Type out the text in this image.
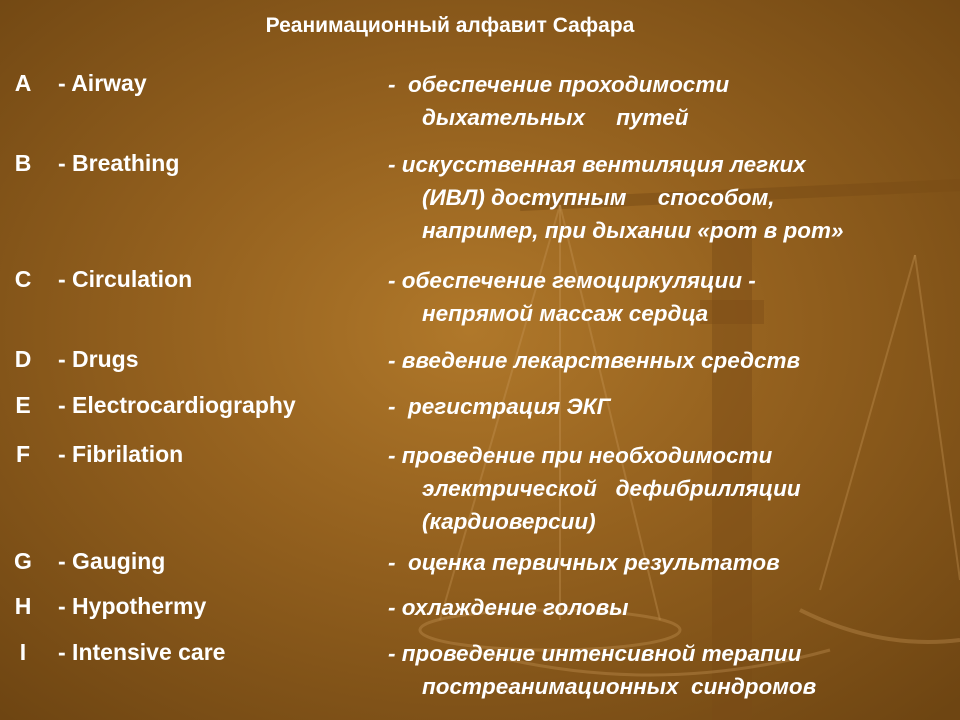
Реанимационный алфавит Сафара
A - Airway	-  обеспечение проходимости
дыхательных     путей
B - Breathing	- искусственная вентиляция легких
(ИВЛ) доступным     способом,
например, при дыхании «рот в рот»
C - Circulation	- обеспечение гемоциркуляции -
непрямой массаж сердца
D - Drugs	- введение лекарственных средств
E	- Electrocardiography	-  регистрация ЭКГ
F	- Fibrilation	- проведение при необходимости
электрической   дефибрилляции
(кардиоверсии)
G - Gauging	-  оценка первичных результатов
H - Hypothermy	- охлаждение головы
I	- Intensive care	- проведение интенсивной терапии
постреанимационных  синдромов
